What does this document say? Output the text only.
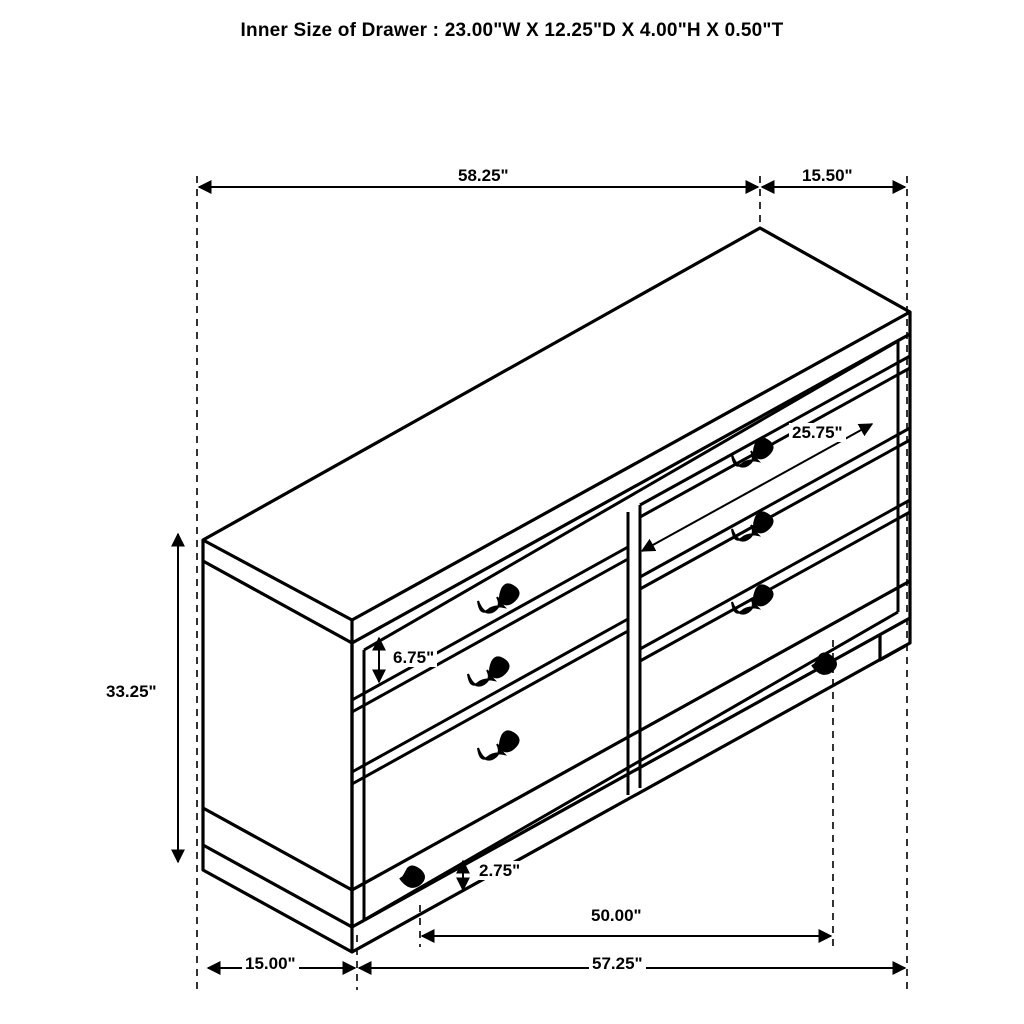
Inner Size of Drawer : 23.00"W X 12.25"D X 4.00"H X 0.50"T
58.25"	15.50"
25.75"
6.75"
33.25"
2.75"
15.00"
50.00"
57.25"
